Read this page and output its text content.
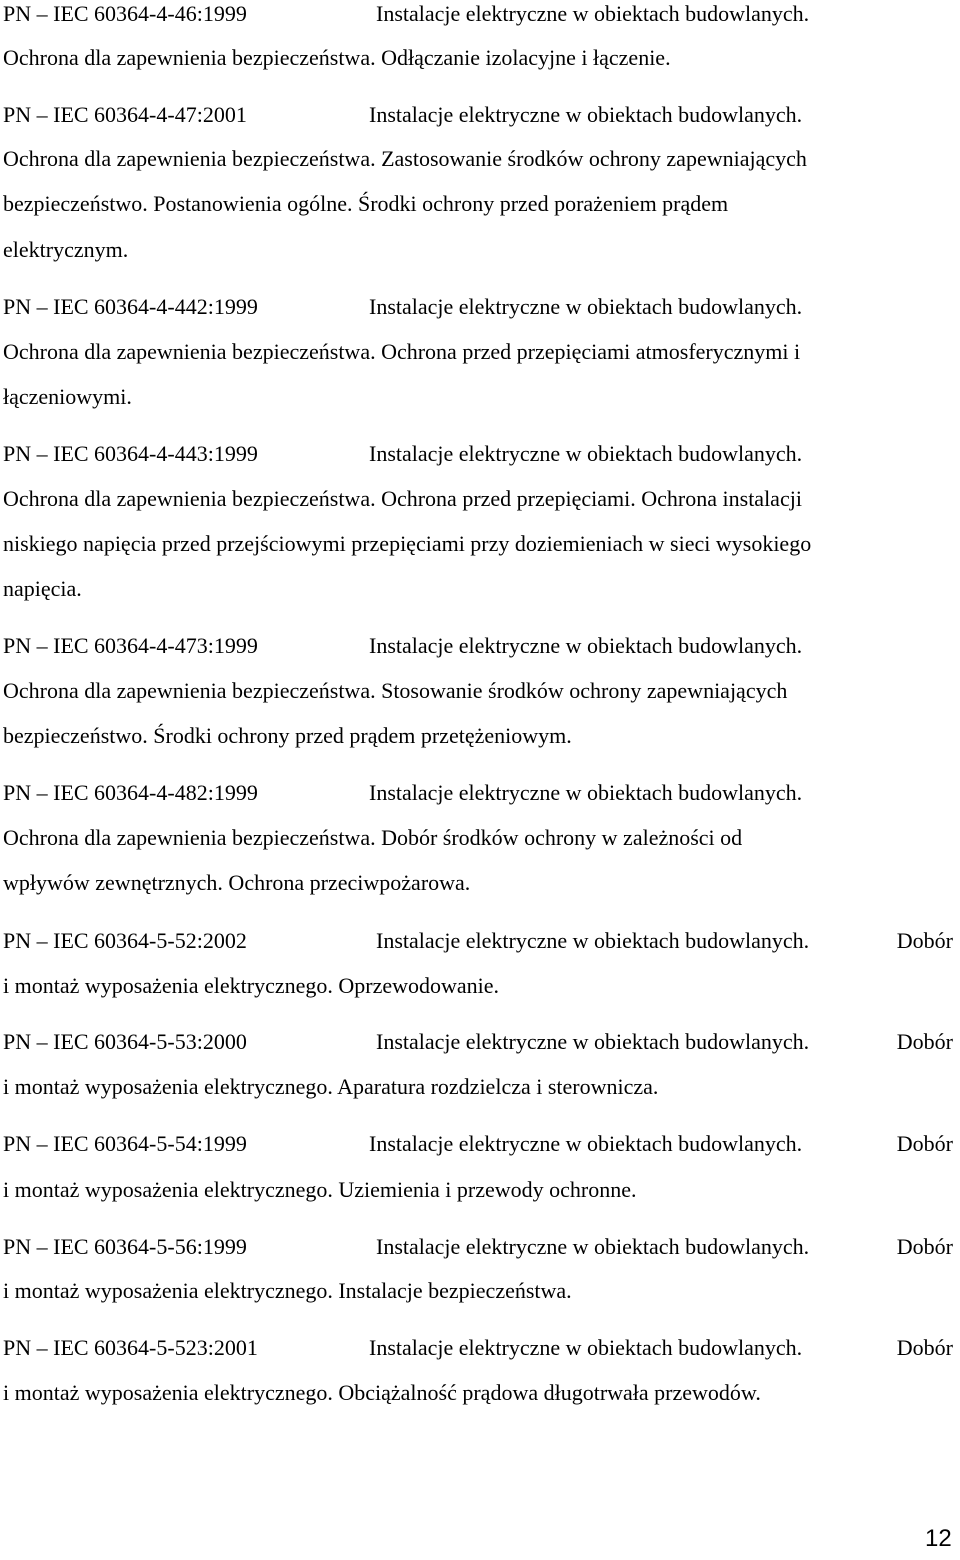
PN – IEC 60364-4-46:1999	Instalacje elektryczne w obiektach budowlanych.
Ochrona dla zapewnienia bezpieczeństwa. Odłączanie izolacyjne i łączenie.
PN – IEC 60364-4-47:2001	Instalacje elektryczne w obiektach budowlanych.
Ochrona dla zapewnienia bezpieczeństwa. Zastosowanie środków ochrony zapewniających
bezpieczeństwo. Postanowienia ogólne. Środki ochrony przed porażeniem prądem
elektrycznym.
PN – IEC 60364-4-442:1999	Instalacje elektryczne w obiektach budowlanych.
Ochrona dla zapewnienia bezpieczeństwa. Ochrona przed przepięciami atmosferycznymi i
łączeniowymi.
PN – IEC 60364-4-443:1999	Instalacje elektryczne w obiektach budowlanych.
Ochrona dla zapewnienia bezpieczeństwa. Ochrona przed przepięciami. Ochrona instalacji
niskiego napięcia przed przejściowymi przepięciami przy doziemieniach w sieci wysokiego
napięcia.
PN – IEC 60364-4-473:1999	Instalacje elektryczne w obiektach budowlanych.
Ochrona dla zapewnienia bezpieczeństwa. Stosowanie środków ochrony zapewniających
bezpieczeństwo. Środki ochrony przed prądem przetężeniowym.
PN – IEC 60364-4-482:1999	Instalacje elektryczne w obiektach budowlanych.
Ochrona dla zapewnienia bezpieczeństwa. Dobór środków ochrony w zależności od
wpływów zewnętrznych. Ochrona przeciwpożarowa.
PN – IEC 60364-5-52:2002	Instalacje elektryczne w obiektach budowlanych.	Dobór
i montaż wyposażenia elektrycznego. Oprzewodowanie.
PN – IEC 60364-5-53:2000	Instalacje elektryczne w obiektach budowlanych.	Dobór
i montaż wyposażenia elektrycznego. Aparatura rozdzielcza i sterownicza.
PN – IEC 60364-5-54:1999	Instalacje elektryczne w obiektach budowlanych.	Dobór
i montaż wyposażenia elektrycznego. Uziemienia i przewody ochronne.
PN – IEC 60364-5-56:1999	Instalacje elektryczne w obiektach budowlanych.	Dobór
i montaż wyposażenia elektrycznego. Instalacje bezpieczeństwa.
PN – IEC 60364-5-523:2001	Instalacje elektryczne w obiektach budowlanych.	Dobór
i montaż wyposażenia elektrycznego. Obciążalność prądowa długotrwała przewodów.
12
